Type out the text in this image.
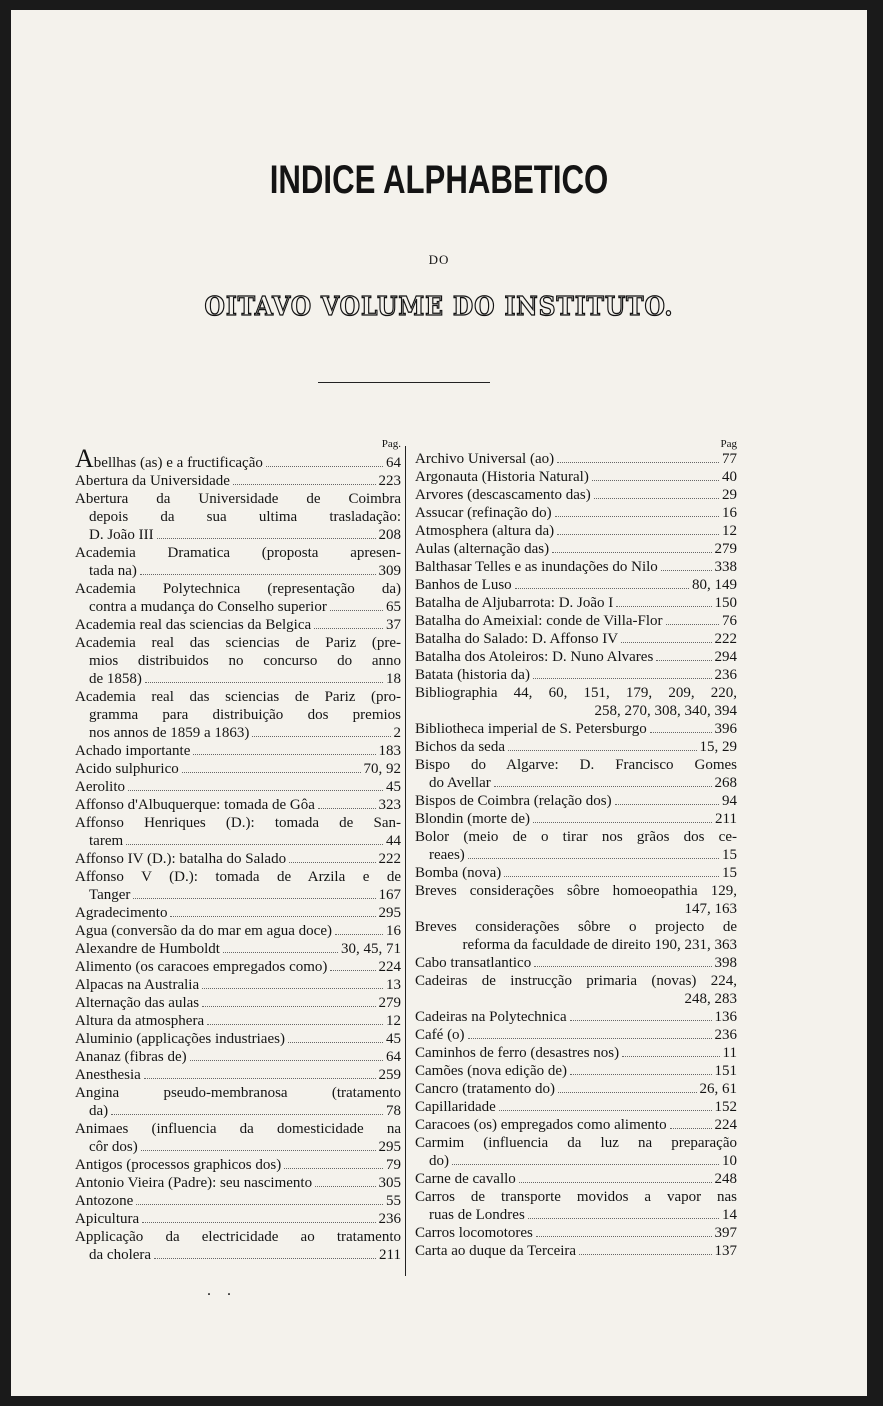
INDICE ALPHABETICO
DO
OITAVO VOLUME DO INSTITUTO.
Pag.
Abellhas (as) e a fructificação	64
Abertura da Universidade	223
Abertura da Universidade de Coimbra
depois da sua ultima trasladação:
D. João III	208
Academia Dramatica (proposta apresen-
tada na)	309
Academia Polytechnica (representação da)
contra a mudança do Conselho superior	65
Academia real das sciencias da Belgica	37
Academia real das sciencias de Pariz (pre-
mios distribuidos no concurso do anno
de 1858)	18
Academia real das sciencias de Pariz (pro-
gramma para distribuição dos premios
nos annos de 1859 a 1863)	2
Achado importante	183
Acido sulphurico	70, 92
Aerolito	45
Affonso d'Albuquerque: tomada de Gôa	323
Affonso Henriques (D.): tomada de San-
tarem	44
Affonso IV (D.): batalha do Salado	222
Affonso V (D.): tomada de Arzila e de
Tanger	167
Agradecimento	295
Agua (conversão da do mar em agua doce)	16
Alexandre de Humboldt	30, 45, 71
Alimento (os caracoes empregados como)	224
Alpacas na Australia	13
Alternação das aulas	279
Altura da atmosphera	12
Aluminio (applicações industriaes)	45
Ananaz (fibras de)	64
Anesthesia	259
Angina pseudo-membranosa (tratamento
da)	78
Animaes (influencia da domesticidade na
côr dos)	295
Antigos (processos graphicos dos)	79
Antonio Vieira (Padre): seu nascimento	305
Antozone	55
Apicultura	236
Applicação da electricidade ao tratamento
da cholera	211
Pag
Archivo Universal (ao)	77
Argonauta (Historia Natural)	40
Arvores (descascamento das)	29
Assucar (refinação do)	16
Atmosphera (altura da)	12
Aulas (alternação das)	279
Balthasar Telles e as inundações do Nilo	338
Banhos de Luso	80, 149
Batalha de Aljubarrota: D. João I	150
Batalha do Ameixial: conde de Villa-Flor	76
Batalha do Salado: D. Affonso IV	222
Batalha dos Atoleiros: D. Nuno Alvares	294
Batata (historia da)	236
Bibliographia 44, 60, 151, 179, 209, 220,
258, 270, 308, 340, 394
Bibliotheca imperial de S. Petersburgo	396
Bichos da seda	15, 29
Bispo do Algarve: D. Francisco Gomes
do Avellar	268
Bispos de Coimbra (relação dos)	94
Blondin (morte de)	211
Bolor (meio de o tirar nos grãos dos ce-
reaes)	15
Bomba (nova)	15
Breves considerações sôbre homoeopathia 129,
147, 163
Breves considerações sôbre o projecto de
reforma da faculdade de direito 190, 231, 363
Cabo transatlantico	398
Cadeiras de instrucção primaria (novas) 224,
248, 283
Cadeiras na Polytechnica	136
Café (o)	236
Caminhos de ferro (desastres nos)	11
Camões (nova edição de)	151
Cancro (tratamento do)	26, 61
Capillaridade	152
Caracoes (os) empregados como alimento	224
Carmim (influencia da luz na preparação
do)	10
Carne de cavallo	248
Carros de transporte movidos a vapor nas
ruas de Londres	14
Carros locomotores	397
Carta ao duque da Terceira	137
. .
